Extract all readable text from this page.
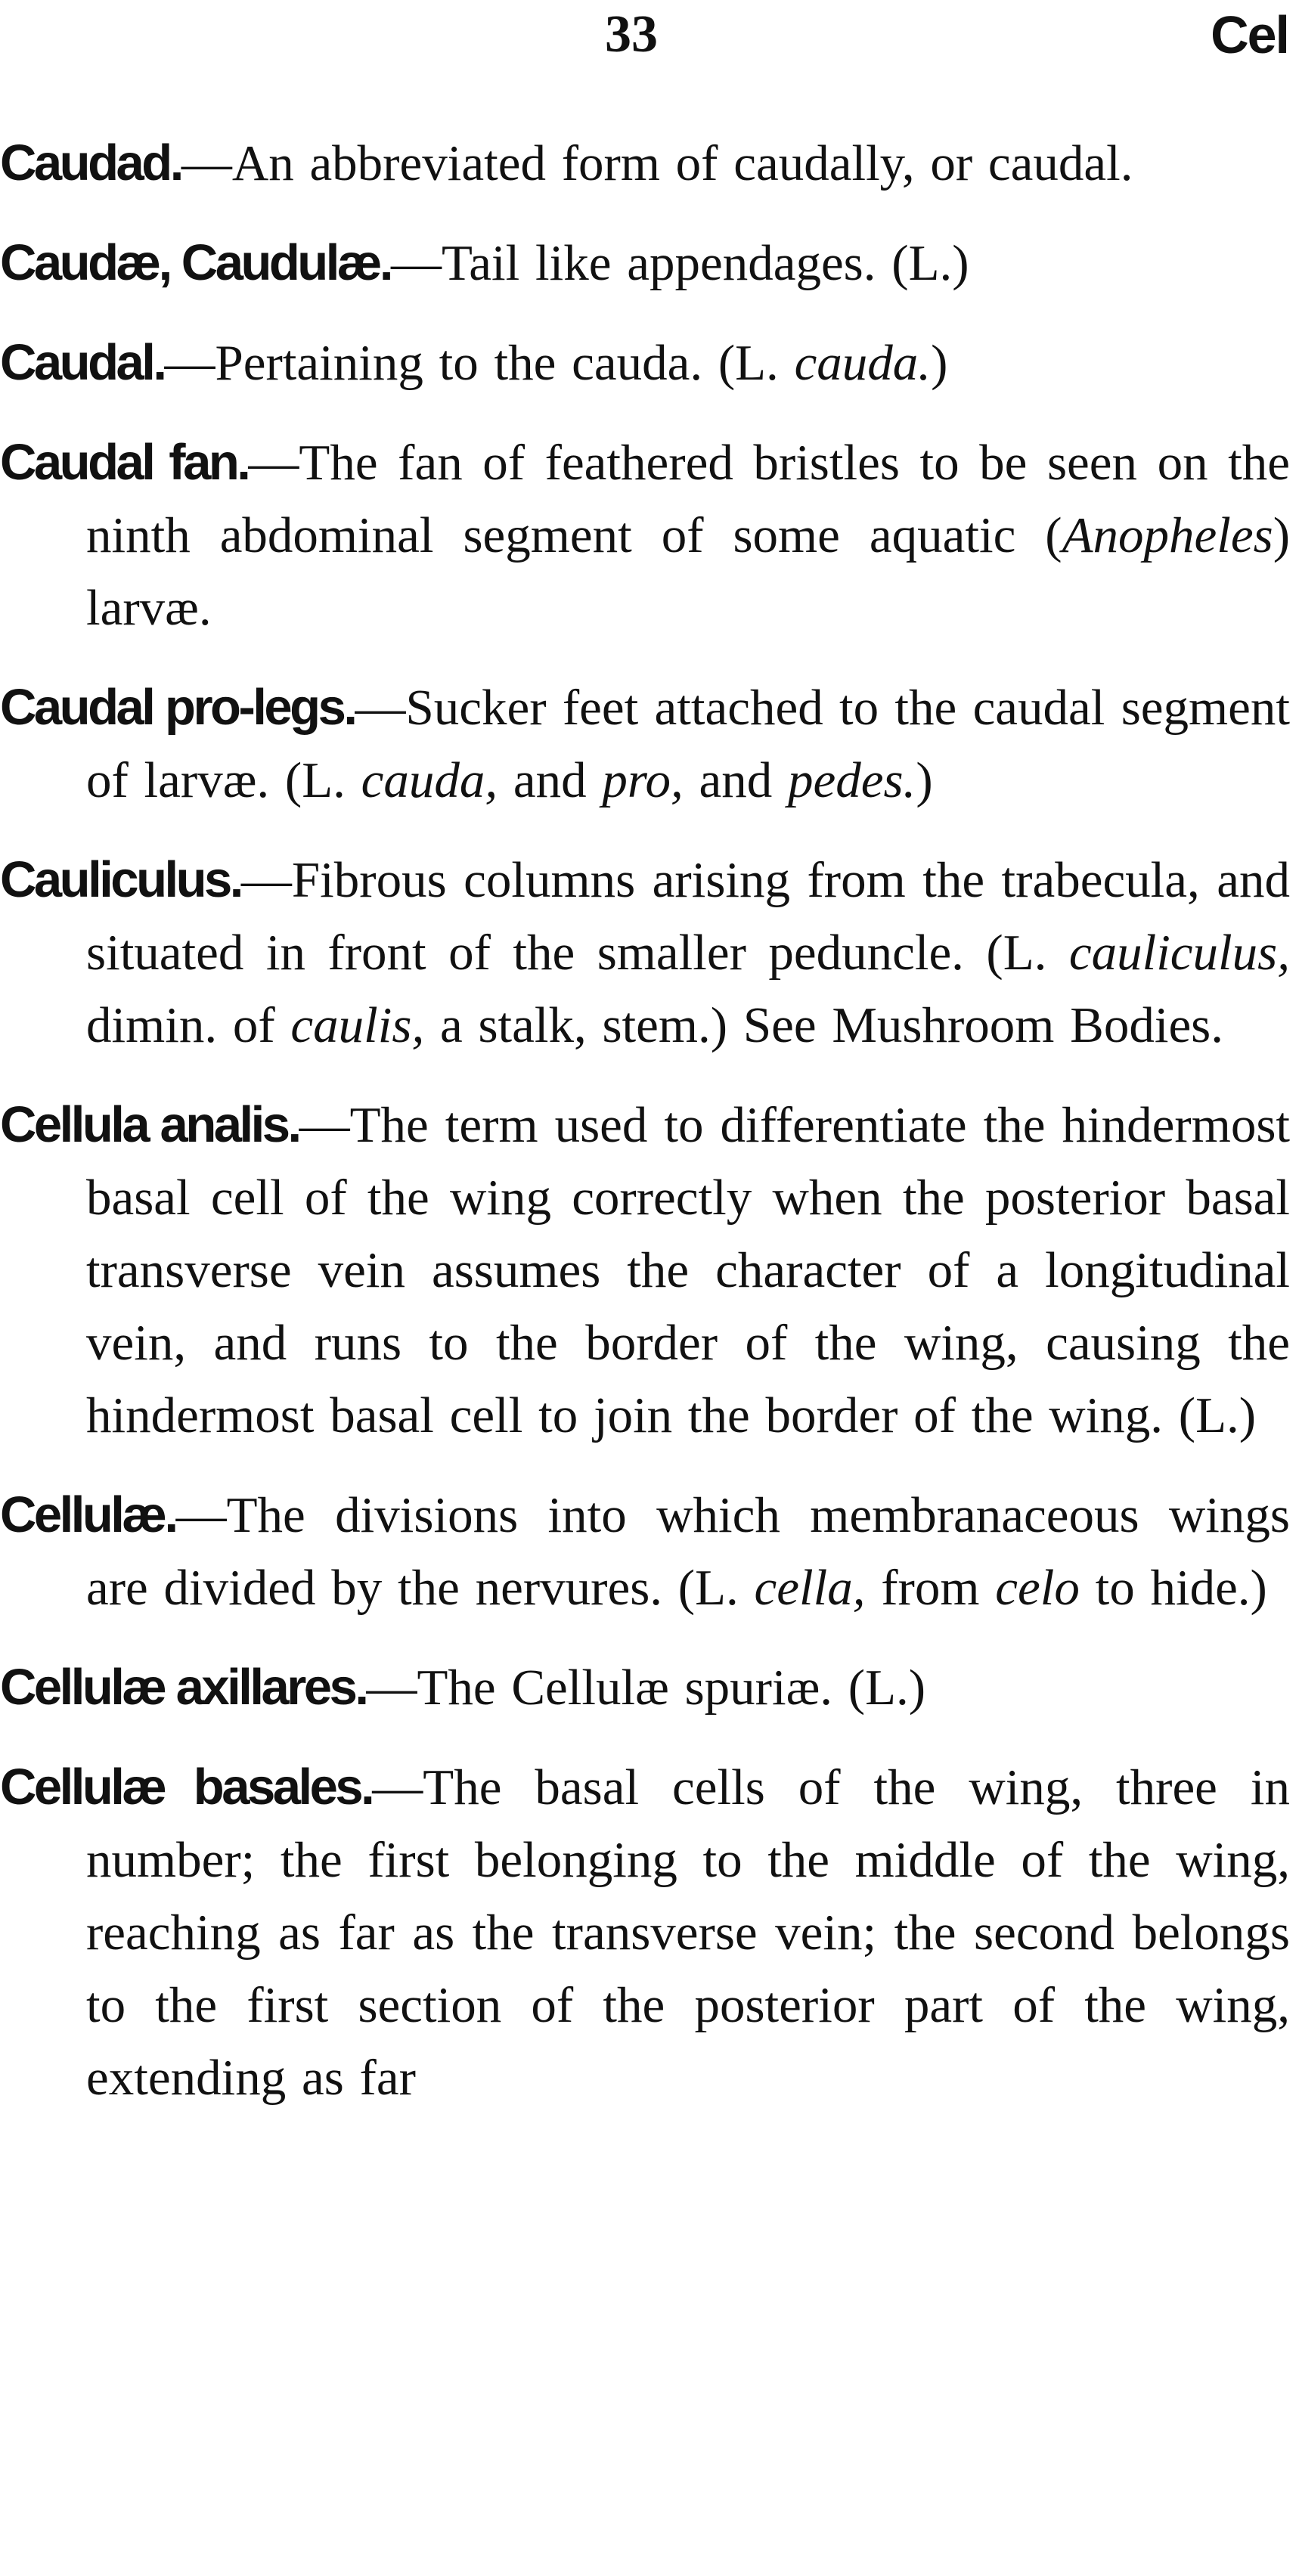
33	Cel

Caudad.—An abbreviated form of caudally, or caudal.

Caudæ, Caudulæ.—Tail like appendages. (L.)

Caudal.—Pertaining to the cauda. (L. cauda.)

Caudal fan.—The fan of feathered bristles to be seen on the ninth abdominal segment of some aquatic (Anopheles) larvæ.

Caudal pro-legs.—Sucker feet attached to the caudal segment of larvæ. (L. cauda, and pro, and pedes.)

Cauliculus.—Fibrous columns arising from the trabecula, and situated in front of the smaller peduncle. (L. cauliculus, dimin. of caulis, a stalk, stem.) See Mushroom Bodies.

Cellula analis.—The term used to differentiate the hindermost basal cell of the wing correctly when the posterior basal transverse vein assumes the character of a longitudinal vein, and runs to the border of the wing, causing the hindermost basal cell to join the border of the wing. (L.)

Cellulæ.—The divisions into which membranaceous wings are divided by the nervures. (L. cella, from celo to hide.)

Cellulæ axillares.—The Cellulæ spuriæ. (L.)

Cellulæ basales.—The basal cells of the wing, three in number; the first belonging to the middle of the wing, reaching as far as the transverse vein; the second belongs to the first section of the posterior part of the wing, extending as far
